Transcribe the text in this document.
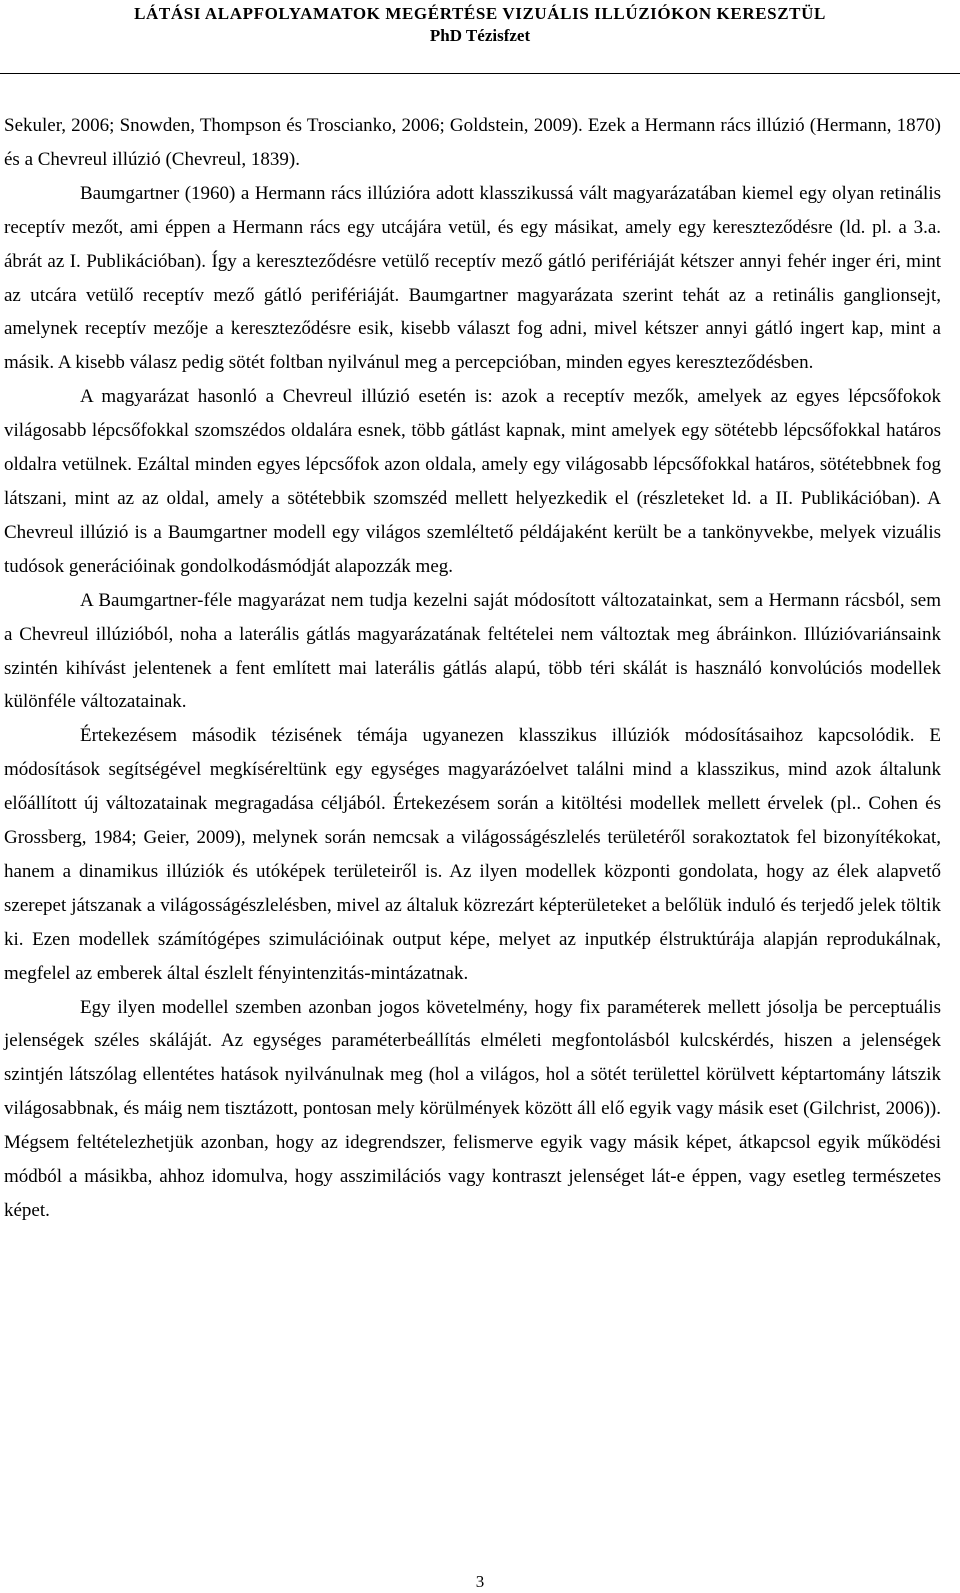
LÁTÁSI ALAPFOLYAMATOK MEGÉRTÉSE VIZUÁLIS ILLÚZIÓKON KERESZTÜL
PhD Tézisfzet

Sekuler, 2006; Snowden, Thompson és Troscianko, 2006; Goldstein, 2009). Ezek a Hermann rács illúzió (Hermann, 1870) és a Chevreul illúzió (Chevreul, 1839).

Baumgartner (1960) a Hermann rács illúzióra adott klasszikussá vált magyarázatában kiemel egy olyan retinális receptív mezőt, ami éppen a Hermann rács egy utcájára vetül, és egy másikat, amely egy kereszteződésre (ld. pl. a 3.a. ábrát az I. Publikációban). Így a kereszteződésre vetülő receptív mező gátló perifériáját kétszer annyi fehér inger éri, mint az utcára vetülő receptív mező gátló perifériáját. Baumgartner magyarázata szerint tehát az a retinális ganglionsejt, amelynek receptív mezője a kereszteződésre esik, kisebb választ fog adni, mivel kétszer annyi gátló ingert kap, mint a másik. A kisebb válasz pedig sötét foltban nyilvánul meg a percepcióban, minden egyes kereszteződésben.

A magyarázat hasonló a Chevreul illúzió esetén is: azok a receptív mezők, amelyek az egyes lépcsőfokok világosabb lépcsőfokkal szomszédos oldalára esnek, több gátlást kapnak, mint amelyek egy sötétebb lépcsőfokkal határos oldalra vetülnek. Ezáltal minden egyes lépcsőfok azon oldala, amely egy világosabb lépcsőfokkal határos, sötétebbnek fog látszani, mint az az oldal, amely a sötétebbik szomszéd mellett helyezkedik el (részleteket ld. a II. Publikációban). A Chevreul illúzió is a Baumgartner modell egy világos szemléltető példájaként került be a tankönyvekbe, melyek vizuális tudósok generációinak gondolkodásmódját alapozzák meg.

A Baumgartner-féle magyarázat nem tudja kezelni saját módosított változatainkat, sem a Hermann rácsból, sem a Chevreul illúzióból, noha a laterális gátlás magyarázatának feltételei nem változtak meg ábráinkon. Illúzióvariánsaink szintén kihívást jelentenek a fent említett mai laterális gátlás alapú, több téri skálát is használó konvolúciós modellek különféle változatainak.

Értekezésem második tézisének témája ugyanezen klasszikus illúziók módosításaihoz kapcsolódik. E módosítások segítségével megkíséreltünk egy egységes magyarázóelvet találni mind a klasszikus, mind azok általunk előállított új változatainak megragadása céljából. Értekezésem során a kitöltési modellek mellett érvelek (pl.. Cohen és Grossberg, 1984; Geier, 2009), melynek során nemcsak a világosságészlelés területéről sorakoztatok fel bizonyítékokat, hanem a dinamikus illúziók és utóképek területeiről is. Az ilyen modellek központi gondolata, hogy az élek alapvető szerepet játszanak a világosságészlelésben, mivel az általuk közrezárt képterületeket a belőlük induló és terjedő jelek töltik ki. Ezen modellek számítógépes szimulációinak output képe, melyet az inputkép élstruktúrája alapján reprodukálnak, megfelel az emberek által észlelt fényintenzitás-mintázatnak.

Egy ilyen modellel szemben azonban jogos követelmény, hogy fix paraméterek mellett jósolja be perceptuális jelenségek széles skáláját. Az egységes paraméterbeállítás elméleti megfontolásból kulcskérdés, hiszen a jelenségek szintjén látszólag ellentétes hatások nyilvánulnak meg (hol a világos, hol a sötét területtel körülvett képtartomány látszik világosabbnak, és máig nem tisztázott, pontosan mely körülmények között áll elő egyik vagy másik eset (Gilchrist, 2006)). Mégsem feltételezhetjük azonban, hogy az idegrendszer, felismerve egyik vagy másik képet, átkapcsol egyik működési módból a másikba, ahhoz idomulva, hogy asszimilációs vagy kontraszt jelenséget lát-e éppen, vagy esetleg természetes képet.

3
